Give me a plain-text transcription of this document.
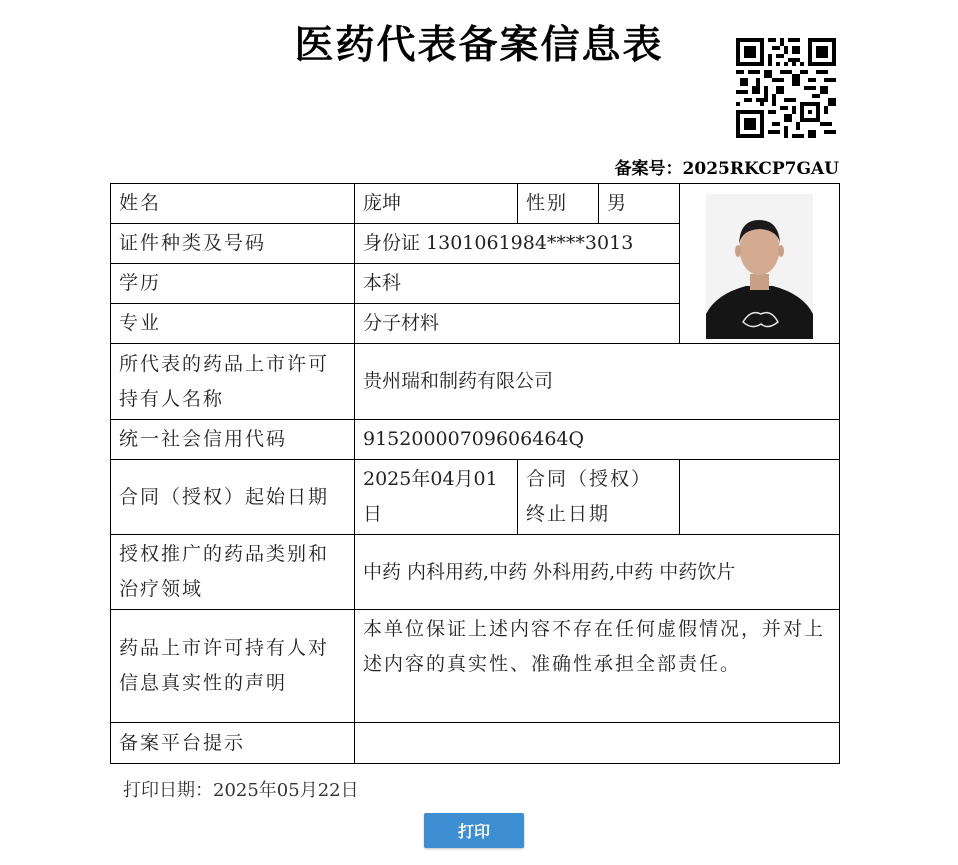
医药代表备案信息表
备案号：2025RKCP7GAU
姓名	庞坤	性别	男	

证件种类及号码	身份证 1301061984****3013			
学历	本科			
专业	分子材料			
所代表的药品上市许可持有人名称	贵州瑞和制药有限公司			
统一社会信用代码	91520000709606464Q			
合同（授权）起始日期	2025年04月01日	合同（授权）终止日期		
授权推广的药品类别和治疗领域	中药 内科用药,中药 外科用药,中药 中药饮片			
药品上市许可持有人对信息真实性的声明	本单位保证上述内容不存在任何虚假情况，并对上述内容的真实性、准确性承担全部责任。			
备案平台提示				
打印日期：2025年05月22日
打印
